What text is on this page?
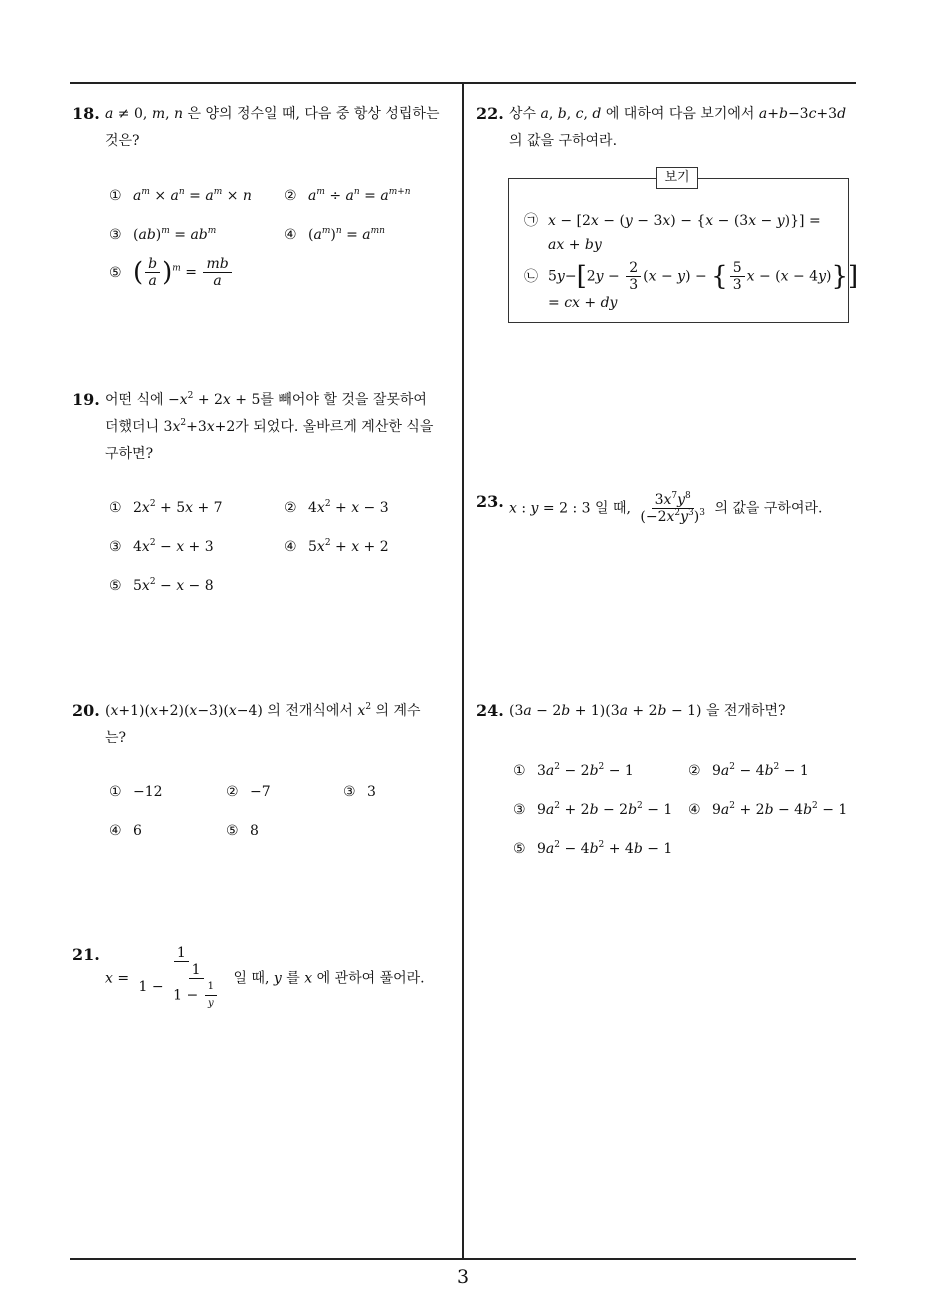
18. a ≠ 0, m, n 은 양의 정수일 때, 다음 중 항상 성립하는
것은?
① $a^m \times a^n = a^m \times n$ ② $a^m \div a^n = a^{m+n}$
③ $(ab)^m = ab^m$	④ $(a^m)^n = a^{mn}$
⑤ ( $\frac{b}{a} )^m = \frac{mb}{a}$
19. 어떤 식에 $-x^2 + 2x + 5$를 빼어야 할 것을 잘못하여
더했더니 $3x^2+3x+2$가 되었다. 올바르게 계산한 식을
구하면?
① $2x^2 + 5x + 7$	② $4x^2 + x - 3$
③ $4x^2 - x + 3$	④ $5x^2 + x + 2$
⑤ $5x^2 - x - 8$
20. (x+1)(x+2)(x−3)(x−4) 의 전개식에서 $x^2$ 의 계수
는?
① −12	② −7	③ 3
④ 6	⑤ 8
21.
$x = \frac{1}{1 - \frac{1}{1 - \frac{1}{y}}}$ 일 때, y 를 x 에 관하여 풀어라.
22. 상수 a, b, c, d 에 대하여 다음 보기에서 a+b−3c+3d
의 값을 구하여라.
보기
㉠ x − [2x − (y − 3x) − {x − (3x − y)}] =
ax + by
㉡ $5y-[2y - \frac{2}{3} (x - y)$ − { $\frac{5}{3}$ x − (x − 4y)}]
= cx + dy
23. x : y = 2 : 3 일 때, $\frac{3x^7y^8}{(-2x^2y^3)^3}$ 의 값을 구하여라.
24. (3a − 2b + 1)(3a + 2b − 1) 을 전개하면?
① $3a^2 - 2b^2 - 1$	② $9a^2 - 4b^2 - 1$
③ $9a^2 + 2b - 2b^2 - 1$ ④ $9a^2 + 2b - 4b^2 - 1$
⑤ $9a^2 - 4b^2 + 4b - 1$
3
